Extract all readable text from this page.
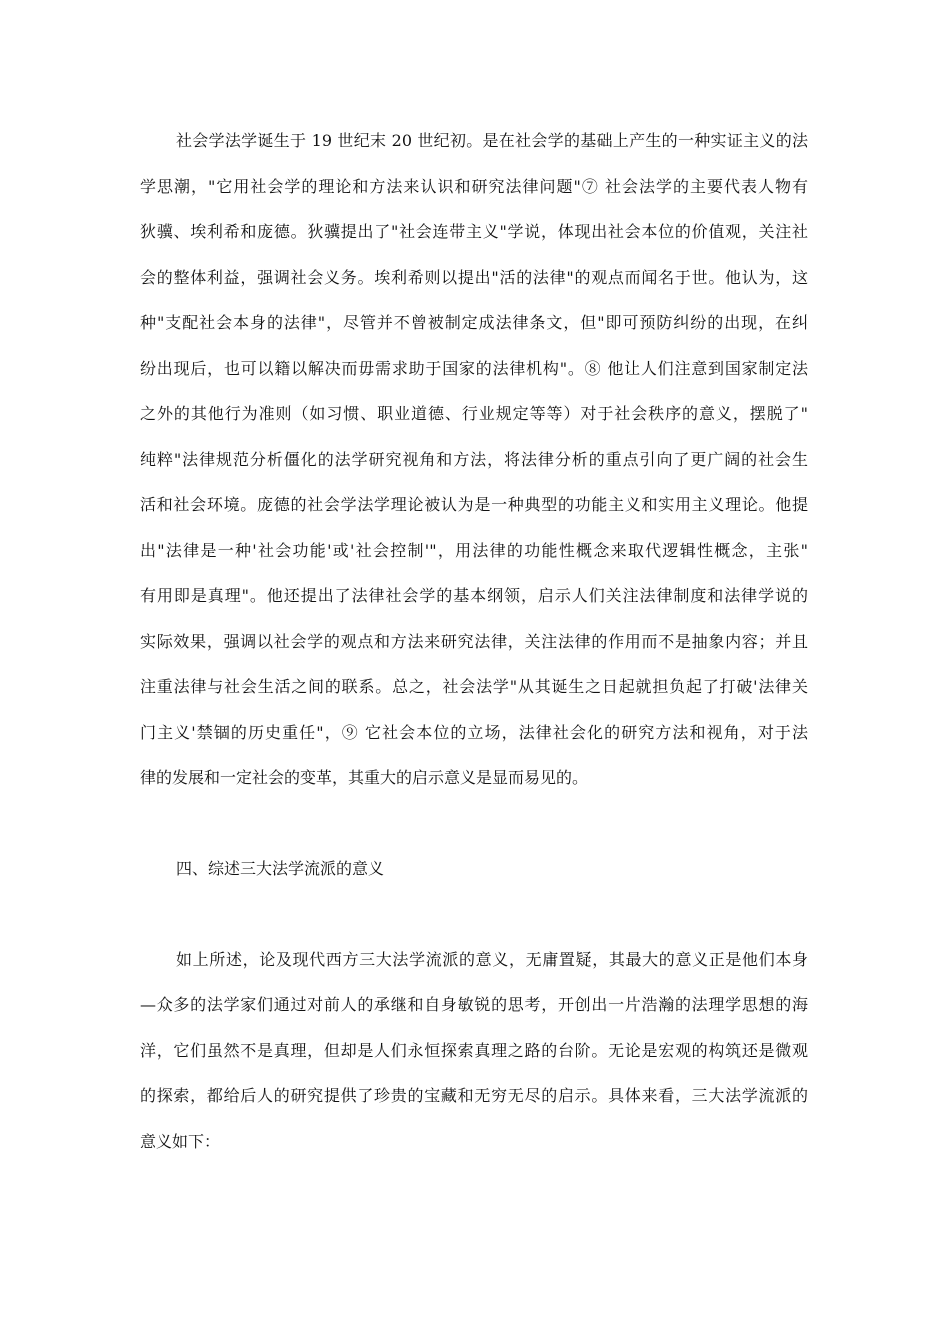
社会学法学诞生于 19 世纪末 20 世纪初。是在社会学的基础上产生的一种实证主义的法
学思潮，"它用社会学的理论和方法来认识和研究法律问题"⑦ 社会法学的主要代表人物有
狄骥、埃利希和庞德。狄骥提出了"社会连带主义"学说，体现出社会本位的价值观，关注社
会的整体利益，强调社会义务。埃利希则以提出"活的法律"的观点而闻名于世。他认为，这
种"支配社会本身的法律"，尽管并不曾被制定成法律条文，但"即可预防纠纷的出现，在纠
纷出现后，也可以籍以解决而毋需求助于国家的法律机构"。⑧ 他让人们注意到国家制定法
之外的其他行为准则（如习惯、职业道德、行业规定等等）对于社会秩序的意义，摆脱了"
纯粹"法律规范分析僵化的法学研究视角和方法，将法律分析的重点引向了更广阔的社会生
活和社会环境。庞德的社会学法学理论被认为是一种典型的功能主义和实用主义理论。他提
出"法律是一种'社会功能'或'社会控制'"，用法律的功能性概念来取代逻辑性概念，主张"
有用即是真理"。他还提出了法律社会学的基本纲领，启示人们关注法律制度和法律学说的
实际效果，强调以社会学的观点和方法来研究法律，关注法律的作用而不是抽象内容；并且
注重法律与社会生活之间的联系。总之，社会法学"从其诞生之日起就担负起了打破'法律关
门主义'禁锢的历史重任"，⑨ 它社会本位的立场，法律社会化的研究方法和视角，对于法
律的发展和一定社会的变革，其重大的启示意义是显而易见的。
四、综述三大法学流派的意义
如上所述，论及现代西方三大法学流派的意义，无庸置疑，其最大的意义正是他们本身
—众多的法学家们通过对前人的承继和自身敏锐的思考，开创出一片浩瀚的法理学思想的海
洋，它们虽然不是真理，但却是人们永恒探索真理之路的台阶。无论是宏观的构筑还是微观
的探索，都给后人的研究提供了珍贵的宝藏和无穷无尽的启示。具体来看，三大法学流派的
意义如下：
